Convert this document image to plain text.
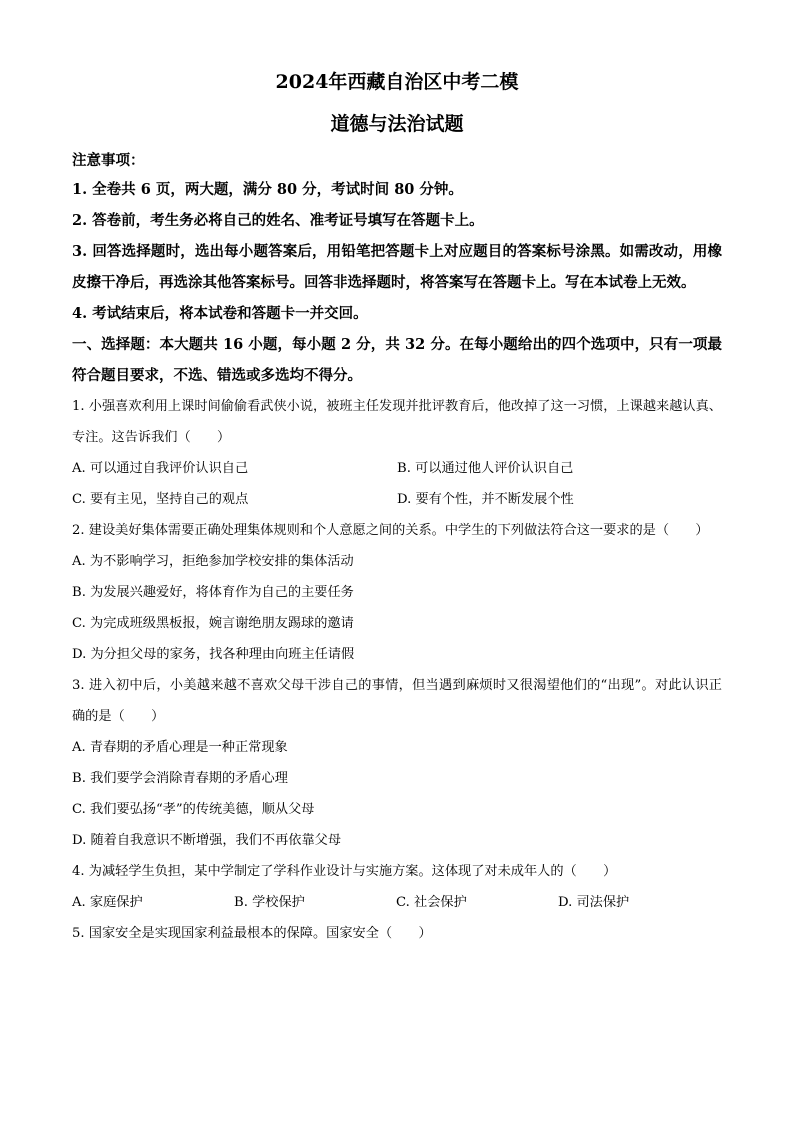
2024年西藏自治区中考二模
道德与法治试题

注意事项：

1. 全卷共 6 页，两大题，满分 80 分，考试时间 80 分钟。

2. 答卷前，考生务必将自己的姓名、准考证号填写在答题卡上。

3. 回答选择题时，选出每小题答案后，用铅笔把答题卡上对应题目的答案标号涂黑。如需改动，用橡皮擦干净后，再选涂其他答案标号。回答非选择题时，将答案写在答题卡上。写在本试卷上无效。

4. 考试结束后，将本试卷和答题卡一并交回。

一、选择题：本大题共 16 小题，每小题 2 分，共 32 分。在每小题给出的四个选项中，只有一项最符合题目要求，不选、错选或多选均不得分。

1. 小强喜欢利用上课时间偷偷看武侠小说，被班主任发现并批评教育后，他改掉了这一习惯，上课越来越认真、专注。这告诉我们（　　）

A. 可以通过自我评价认识自己	B. 可以通过他人评价认识自己
C. 要有主见，坚持自己的观点	D. 要有个性，并不断发展个性

2. 建设美好集体需要正确处理集体规则和个人意愿之间的关系。中学生的下列做法符合这一要求的是（　　）

A. 为不影响学习，拒绝参加学校安排的集体活动

B. 为发展兴趣爱好，将体育作为自己的主要任务

C. 为完成班级黑板报，婉言谢绝朋友踢球的邀请

D. 为分担父母的家务，找各种理由向班主任请假

3. 进入初中后，小美越来越不喜欢父母干涉自己的事情，但当遇到麻烦时又很渴望他们的“出现”。对此认识正确的是（　　）

A. 青春期的矛盾心理是一种正常现象

B. 我们要学会消除青春期的矛盾心理

C. 我们要弘扬“孝”的传统美德，顺从父母

D. 随着自我意识不断增强，我们不再依靠父母

4. 为减轻学生负担，某中学制定了学科作业设计与实施方案。这体现了对未成年人的（　　）

A. 家庭保护	B. 学校保护	C. 社会保护	D. 司法保护

5. 国家安全是实现国家利益最根本的保障。国家安全（　　）
